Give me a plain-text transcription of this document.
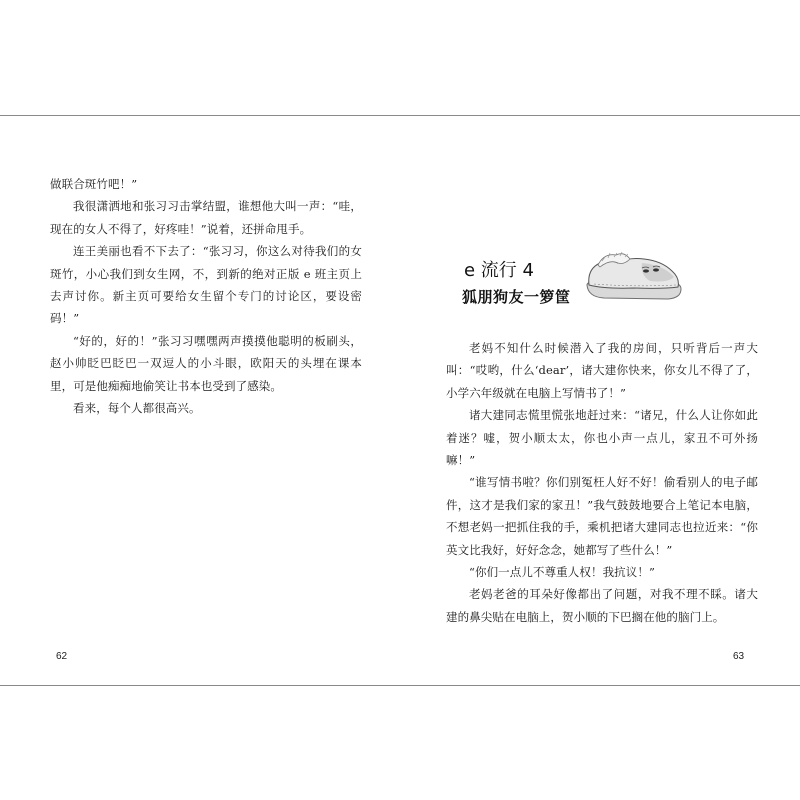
做联合斑竹吧！”

我很潇洒地和张习习击掌结盟，谁想他大叫一声：“哇，现在的女人不得了，好疼哇！”说着，还拼命甩手。

连王美丽也看不下去了：“张习习，你这么对待我们的女斑竹，小心我们到女生网，不，到新的绝对正版 e 班主页上去声讨你。新主页可要给女生留个专门的讨论区，要设密码！”

“好的，好的！”张习习嘿嘿两声摸摸他聪明的板刷头，赵小帅眨巴眨巴一双逗人的小斗眼，欧阳天的头埋在课本里，可是他痴痴地偷笑让书本也受到了感染。

看来，每个人都很高兴。

62
e 流行 4
狐朋狗友一箩筐

老妈不知什么时候潜入了我的房间，只听背后一声大叫：“哎哟，什么‘dear’，诸大建你快来，你女儿不得了了，小学六年级就在电脑上写情书了！”

诸大建同志慌里慌张地赶过来：“诸兄，什么人让你如此着迷？嘘，贺小顺太太，你也小声一点儿，家丑不可外扬嘛！”

“谁写情书啦？你们别冤枉人好不好！偷看别人的电子邮件，这才是我们家的家丑！”我气鼓鼓地要合上笔记本电脑，不想老妈一把抓住我的手，乘机把诸大建同志也拉近来：“你英文比我好，好好念念，她都写了些什么！”

“你们一点儿不尊重人权！我抗议！”

老妈老爸的耳朵好像都出了问题，对我不理不睬。诸大建的鼻尖贴在电脑上，贺小顺的下巴搁在他的脑门上。

63
